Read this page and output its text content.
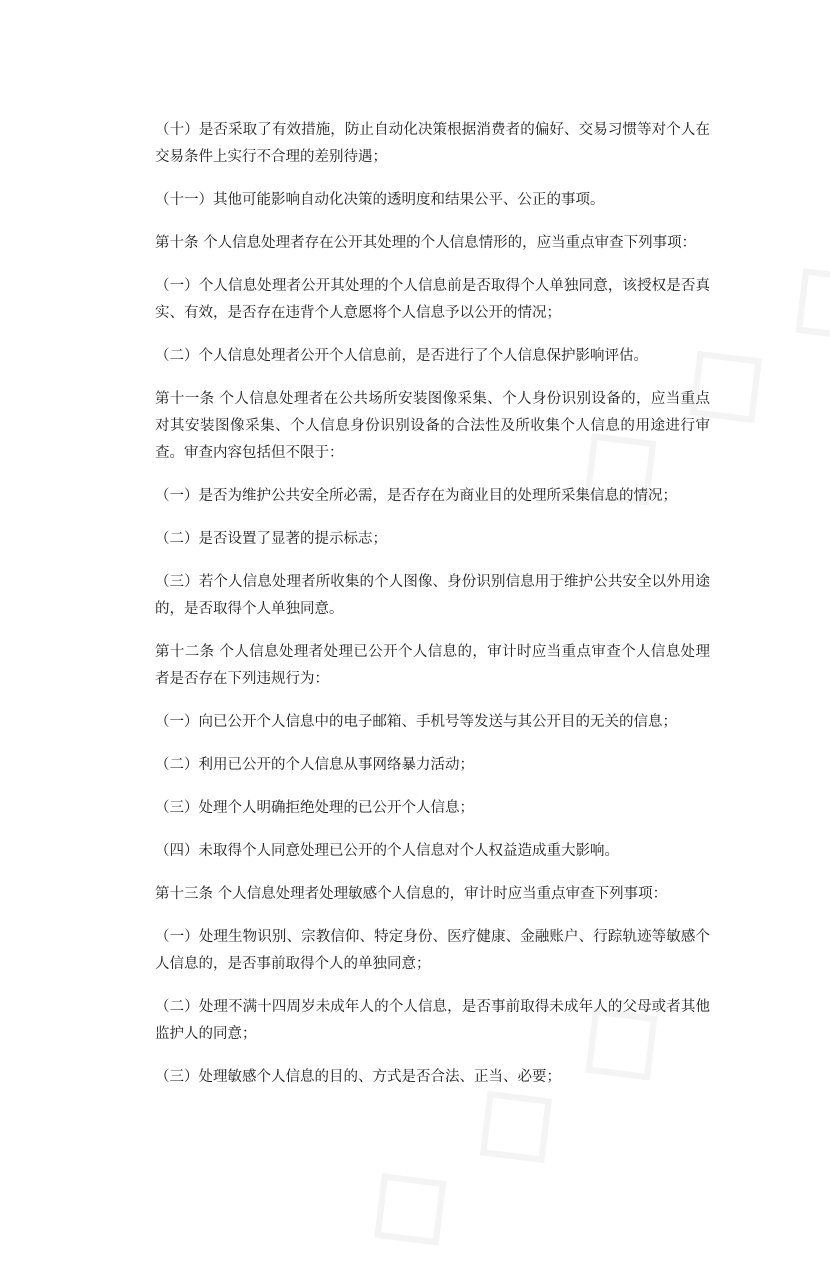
（十）是否采取了有效措施，防止自动化决策根据消费者的偏好、交易习惯等对个人在交易条件上实行不合理的差别待遇；

（十一）其他可能影响自动化决策的透明度和结果公平、公正的事项。

第十条 个人信息处理者存在公开其处理的个人信息情形的，应当重点审查下列事项：

（一）个人信息处理者公开其处理的个人信息前是否取得个人单独同意，该授权是否真实、有效，是否存在违背个人意愿将个人信息予以公开的情况；

（二）个人信息处理者公开个人信息前，是否进行了个人信息保护影响评估。

第十一条 个人信息处理者在公共场所安装图像采集、个人身份识别设备的，应当重点对其安装图像采集、个人信息身份识别设备的合法性及所收集个人信息的用途进行审查。审查内容包括但不限于：

（一）是否为维护公共安全所必需，是否存在为商业目的处理所采集信息的情况；

（二）是否设置了显著的提示标志；

（三）若个人信息处理者所收集的个人图像、身份识别信息用于维护公共安全以外用途的，是否取得个人单独同意。

第十二条 个人信息处理者处理已公开个人信息的，审计时应当重点审查个人信息处理者是否存在下列违规行为：

（一）向已公开个人信息中的电子邮箱、手机号等发送与其公开目的无关的信息；

（二）利用已公开的个人信息从事网络暴力活动；

（三）处理个人明确拒绝处理的已公开个人信息；

（四）未取得个人同意处理已公开的个人信息对个人权益造成重大影响。

第十三条 个人信息处理者处理敏感个人信息的，审计时应当重点审查下列事项：

（一）处理生物识别、宗教信仰、特定身份、医疗健康、金融账户、行踪轨迹等敏感个人信息的，是否事前取得个人的单独同意；

（二）处理不满十四周岁未成年人的个人信息，是否事前取得未成年人的父母或者其他监护人的同意；

（三）处理敏感个人信息的目的、方式是否合法、正当、必要；
